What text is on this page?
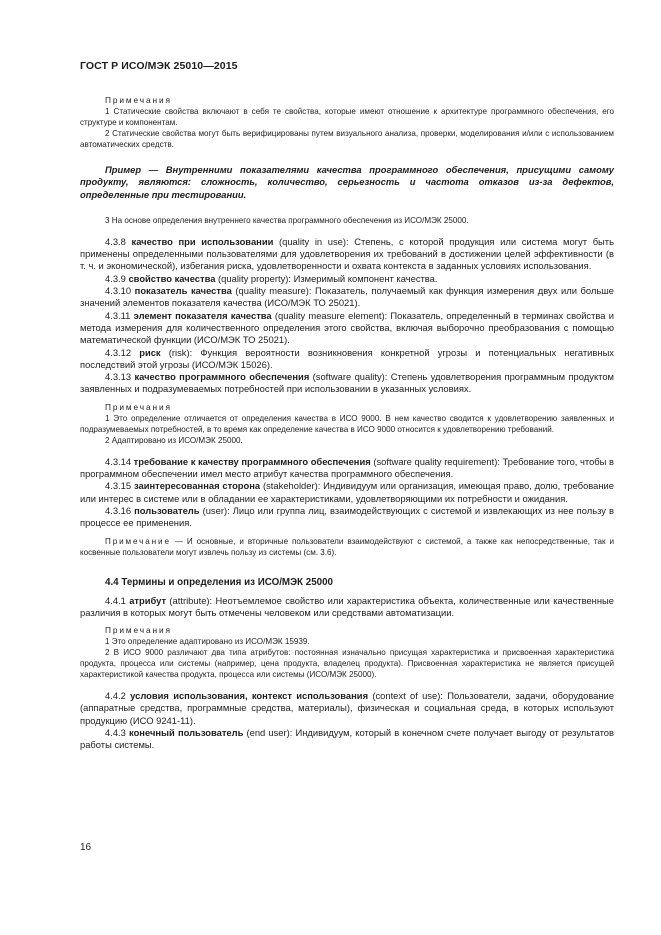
ГОСТ Р ИСО/МЭК 25010—2015

Примечания

1 Статические свойства включают в себя те свойства, которые имеют отношение к архитектуре программного обеспечения, его структуре и компонентам.

2 Статические свойства могут быть верифицированы путем визуального анализа, проверки, моделирования и/или с использованием автоматических средств.

Пример — Внутренними показателями качества программного обеспечения, присущими самому продукту, являются: сложность, количество, серьезность и частота отказов из-за дефектов, определенные при тестировании.

3 На основе определения внутреннего качества программного обеспечения из ИСО/МЭК 25000.

4.3.8 качество при использовании (quality in use): Степень, с которой продукция или система могут быть применены определенными пользователями для удовлетворения их требований в достижении целей эффективности (в т. ч. и экономической), избегания риска, удовлетворенности и охвата контекста в заданных условиях использования.

4.3.9 свойство качества (quality property): Измеримый компонент качества.

4.3.10 показатель качества (quality measure): Показатель, получаемый как функция измерения двух или больше значений элементов показателя качества (ИСО/МЭК ТО 25021).

4.3.11 элемент показателя качества (quality measure element): Показатель, определенный в терминах свойства и метода измерения для количественного определения этого свойства, включая выборочно преобразования с помощью математической функции (ИСО/МЭК ТО 25021).

4.3.12 риск (risk): Функция вероятности возникновения конкретной угрозы и потенциальных негативных последствий этой угрозы (ИСО/МЭК 15026).

4.3.13 качество программного обеспечения (software quality): Степень удовлетворения программным продуктом заявленных и подразумеваемых потребностей при использовании в указанных условиях.

Примечания

1 Это определение отличается от определения качества в ИСО 9000. В нем качество сводится к удовлетворению заявленных и подразумеваемых потребностей, в то время как определение качества в ИСО 9000 относится к удовлетворению требований.

2 Адаптировано из ИСО/МЭК 25000.

4.3.14 требование к качеству программного обеспечения (software quality requirement): Требование того, чтобы в программном обеспечении имел место атрибут качества программного обеспечения.

4.3.15 заинтересованная сторона (stakeholder): Индивидуум или организация, имеющая право, долю, требование или интерес в системе или в обладании ее характеристиками, удовлетворяющими их потребности и ожидания.

4.3.16 пользователь (user): Лицо или группа лиц, взаимодействующих с системой и извлекающих из нее пользу в процессе ее применения.

Примечание — И основные, и вторичные пользователи взаимодействуют с системой, а также как непосредственные, так и косвенные пользователи могут извлечь пользу из системы (см. 3.6).

4.4 Термины и определения из ИСО/МЭК 25000

4.4.1 атрибут (attribute): Неотъемлемое свойство или характеристика объекта, количественные или качественные различия в которых могут быть отмечены человеком или средствами автоматизации.

Примечания

1 Это определение адаптировано из ИСО/МЭК 15939.

2 В ИСО 9000 различают два типа атрибутов: постоянная изначально присущая характеристика и присвоенная характеристика продукта, процесса или системы (например, цена продукта, владелец продукта). Присвоенная характеристика не является присущей характеристикой качества продукта, процесса или системы (ИСО/МЭК 25000).

4.4.2 условия использования, контекст использования (context of use): Пользователи, задачи, оборудование (аппаратные средства, программные средства, материалы), физическая и социальная среда, в которых используют продукцию (ИСО 9241-11).

4.4.3 конечный пользователь (end user): Индивидуум, который в конечном счете получает выгоду от результатов работы системы.

16
